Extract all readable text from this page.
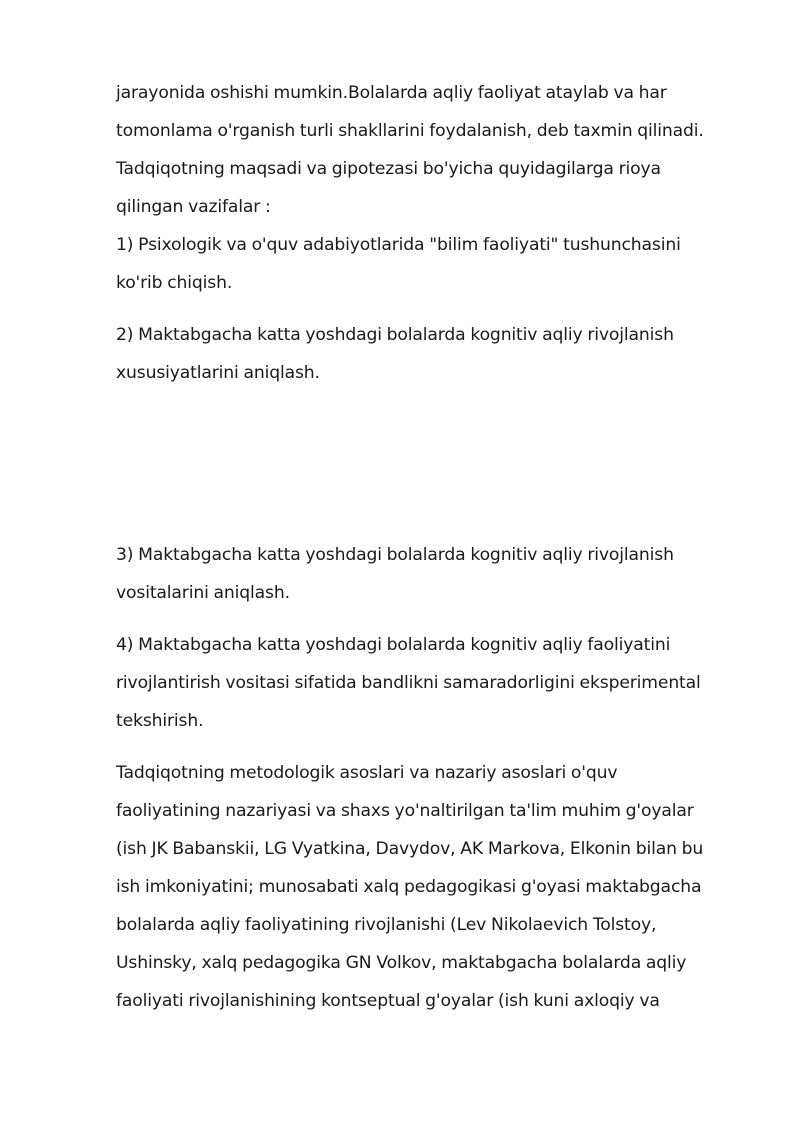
jarayonida oshishi mumkin.Bolalarda aqliy faoliyat ataylab va har
tomonlama o'rganish turli shakllarini foydalanish, deb taxmin qilinadi.
Tadqiqotning maqsadi va gipotezasi bo'yicha quyidagilarga rioya
qilingan vazifalar :
1) Psixologik va o'quv adabiyotlarida "bilim faoliyati" tushunchasini
ko'rib chiqish.
2) Maktabgacha katta yoshdagi bolalarda kognitiv aqliy rivojlanish
xususiyatlarini aniqlash.
3) Maktabgacha katta yoshdagi bolalarda kognitiv aqliy rivojlanish
vositalarini aniqlash.
4) Maktabgacha katta yoshdagi bolalarda kognitiv aqliy faoliyatini
rivojlantirish vositasi sifatida bandlikni samaradorligini eksperimental
tekshirish.
Tadqiqotning metodologik asoslari va nazariy asoslari o'quv
faoliyatining nazariyasi va shaxs yo'naltirilgan ta'lim muhim g'oyalar
(ish JK Babanskii, LG Vyatkina, Davydov, AK Markova, Elkonin bilan bu
ish imkoniyatini; munosabati xalq pedagogikasi g'oyasi maktabgacha
bolalarda aqliy faoliyatining rivojlanishi (Lev Nikolaevich Tolstoy,
Ushinsky, xalq pedagogika GN Volkov, maktabgacha bolalarda aqliy
faoliyati rivojlanishining kontseptual g'oyalar (ish kuni axloqiy va
